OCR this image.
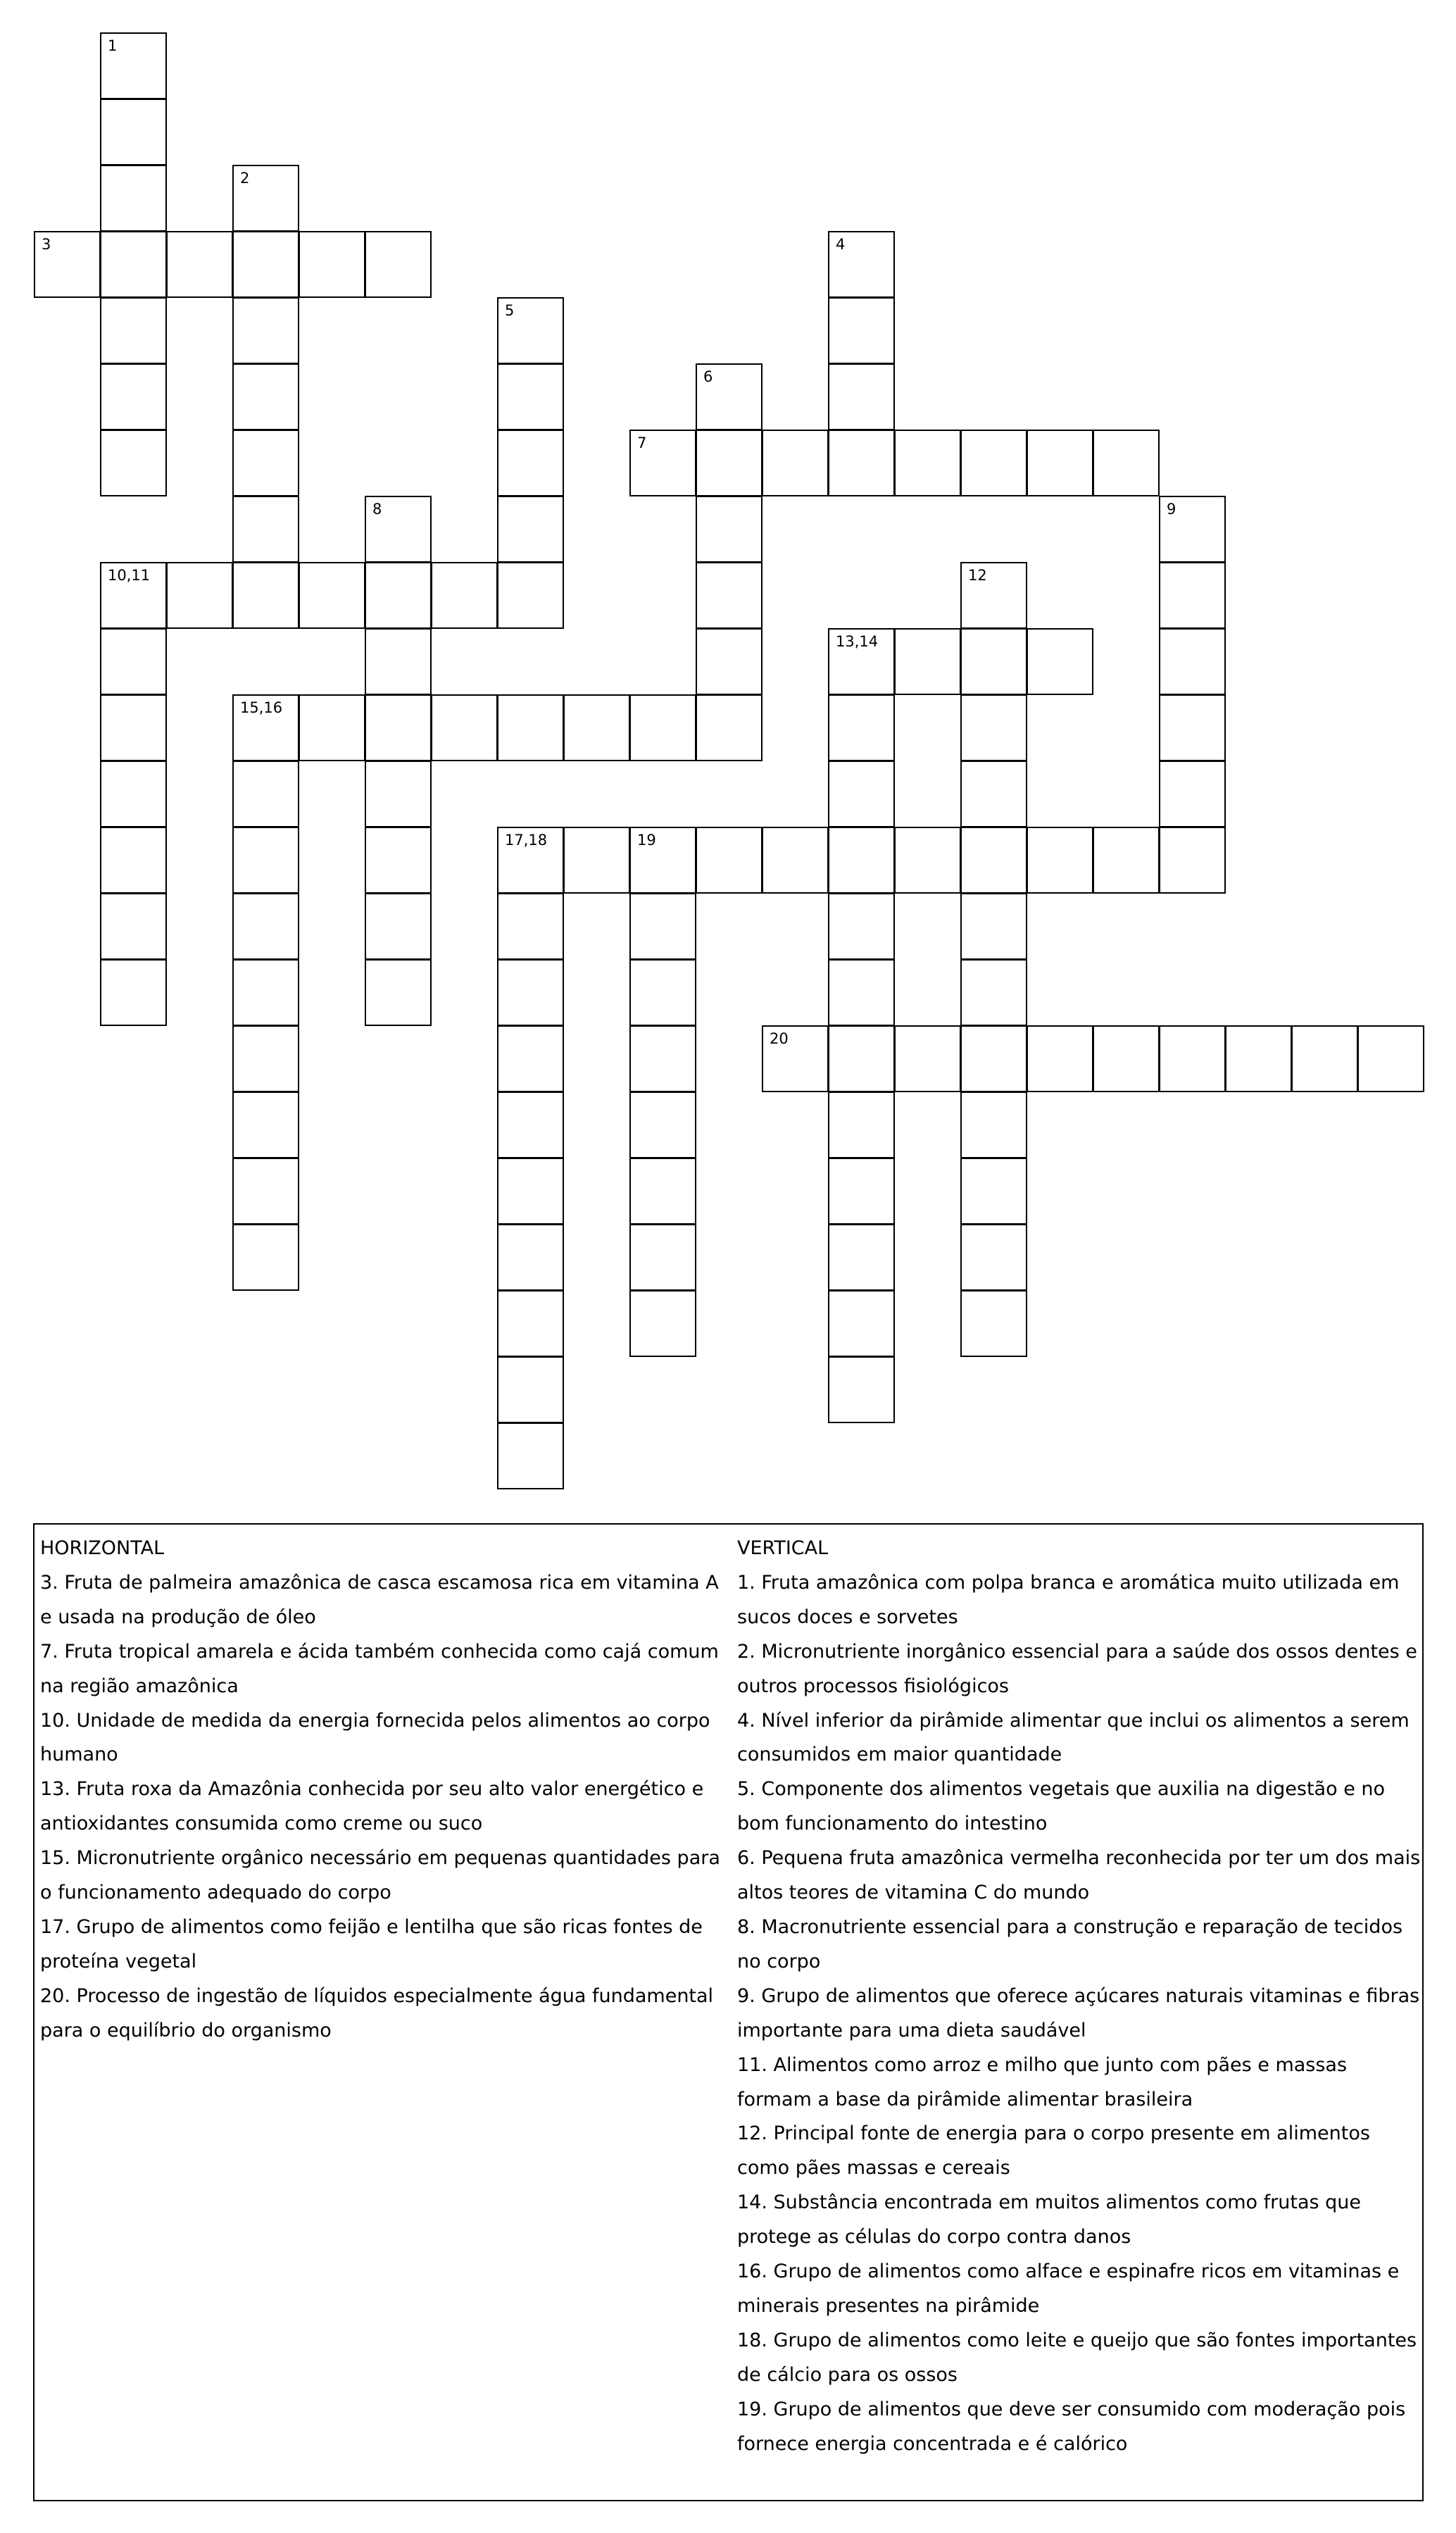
1
2
3	4
5
6
7
8	9
10,11	12
13,14
15,16
17,18	19
20
HORIZONTAL
3. Fruta de palmeira amazônica de casca escamosa rica em vitamina A e usada na produção de óleo
7. Fruta tropical amarela e ácida também conhecida como cajá comum na região amazônica
10. Unidade de medida da energia fornecida pelos alimentos ao corpo humano
13. Fruta roxa da Amazônia conhecida por seu alto valor energético e antioxidantes consumida como creme ou suco
15. Micronutriente orgânico necessário em pequenas quantidades para o funcionamento adequado do corpo
17. Grupo de alimentos como feijão e lentilha que são ricas fontes de proteína vegetal
20. Processo de ingestão de líquidos especialmente água fundamental para o equilíbrio do organismo
VERTICAL
1. Fruta amazônica com polpa branca e aromática muito utilizada em sucos doces e sorvetes
2. Micronutriente inorgânico essencial para a saúde dos ossos dentes e outros processos fisiológicos
4. Nível inferior da pirâmide alimentar que inclui os alimentos a serem consumidos em maior quantidade
5. Componente dos alimentos vegetais que auxilia na digestão e no bom funcionamento do intestino
6. Pequena fruta amazônica vermelha reconhecida por ter um dos mais altos teores de vitamina C do mundo
8. Macronutriente essencial para a construção e reparação de tecidos no corpo
9. Grupo de alimentos que oferece açúcares naturais vitaminas e fibras importante para uma dieta saudável
11. Alimentos como arroz e milho que junto com pães e massas formam a base da pirâmide alimentar brasileira
12. Principal fonte de energia para o corpo presente em alimentos como pães massas e cereais
14. Substância encontrada em muitos alimentos como frutas que protege as células do corpo contra danos
16. Grupo de alimentos como alface e espinafre ricos em vitaminas e minerais presentes na pirâmide
18. Grupo de alimentos como leite e queijo que são fontes importantes de cálcio para os ossos
19. Grupo de alimentos que deve ser consumido com moderação pois fornece energia concentrada e é calórico
